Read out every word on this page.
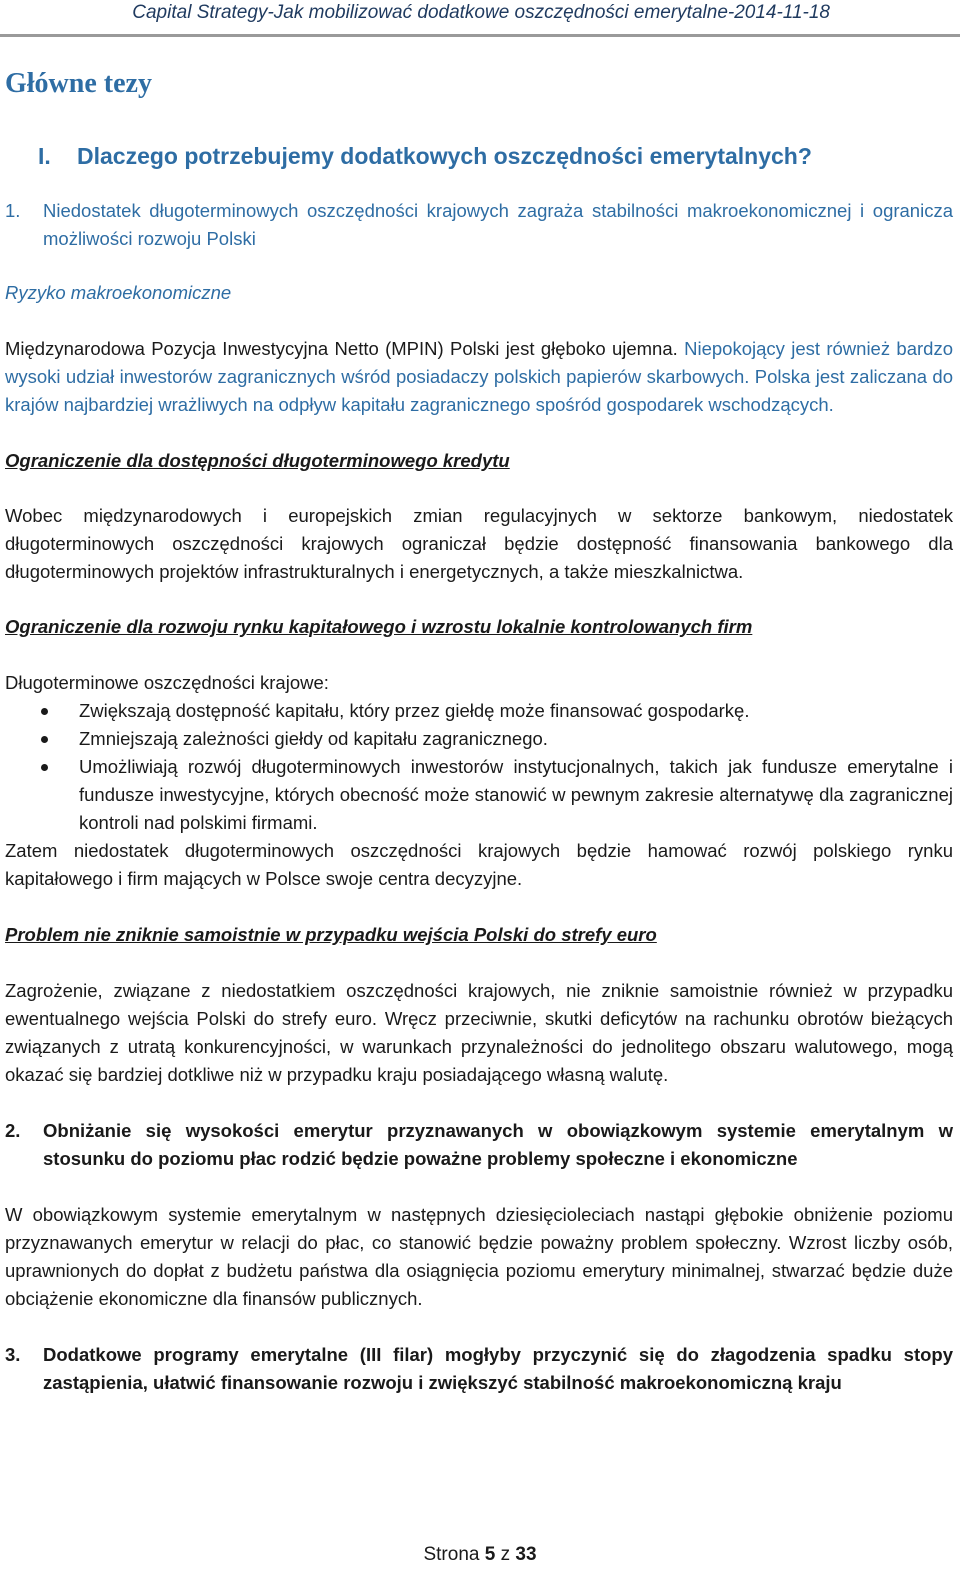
Capital Strategy-Jak mobilizować dodatkowe oszczędności emerytalne-2014-11-18
Główne tezy
I.	Dlaczego potrzebujemy dodatkowych oszczędności emerytalnych?
1.	Niedostatek długoterminowych oszczędności krajowych zagraża stabilności makroekonomicznej i ogranicza możliwości rozwoju Polski

Ryzyko makroekonomiczne

Międzynarodowa Pozycja Inwestycyjna Netto (MPIN) Polski jest głęboko ujemna. Niepokojący jest również bardzo wysoki udział inwestorów zagranicznych wśród posiadaczy polskich papierów skarbowych. Polska jest zaliczana do krajów najbardziej wrażliwych na odpływ kapitału zagranicznego spośród gospodarek wschodzących.

Ograniczenie dla dostępności długoterminowego kredytu

Wobec międzynarodowych i europejskich zmian regulacyjnych w sektorze bankowym, niedostatek długoterminowych oszczędności krajowych ograniczał będzie dostępność finansowania bankowego dla długoterminowych projektów infrastrukturalnych i energetycznych, a także mieszkalnictwa.

Ograniczenie dla rozwoju rynku kapitałowego i wzrostu lokalnie kontrolowanych firm

Długoterminowe oszczędności krajowe:

Zwiększają dostępność kapitału, który przez giełdę może finansować gospodarkę.
Zmniejszają zależności giełdy od kapitału zagranicznego.
Umożliwiają rozwój długoterminowych inwestorów instytucjonalnych, takich jak fundusze emerytalne i fundusze inwestycyjne, których obecność może stanowić w pewnym zakresie alternatywę dla zagranicznej kontroli nad polskimi firmami.

Zatem niedostatek długoterminowych oszczędności krajowych będzie hamować rozwój polskiego rynku kapitałowego i firm mających w Polsce swoje centra decyzyjne.

Problem nie zniknie samoistnie w przypadku wejścia Polski do strefy euro

Zagrożenie, związane z niedostatkiem oszczędności krajowych, nie zniknie samoistnie również w przypadku ewentualnego wejścia Polski do strefy euro. Wręcz przeciwnie, skutki deficytów na rachunku obrotów bieżących związanych z utratą konkurencyjności, w warunkach przynależności do jednolitego obszaru walutowego, mogą okazać się bardziej dotkliwe niż w przypadku kraju posiadającego własną walutę.

2.	Obniżanie się wysokości emerytur przyznawanych w obowiązkowym systemie emerytalnym w stosunku do poziomu płac rodzić będzie poważne problemy społeczne i ekonomiczne

W obowiązkowym systemie emerytalnym w następnych dziesięcioleciach nastąpi głębokie obniżenie poziomu przyznawanych emerytur w relacji do płac, co stanowić będzie poważny problem społeczny. Wzrost liczby osób, uprawnionych do dopłat z budżetu państwa dla osiągnięcia poziomu emerytury minimalnej, stwarzać będzie duże obciążenie ekonomiczne dla finansów publicznych.

3.	Dodatkowe programy emerytalne (III filar) mogłyby przyczynić się do złagodzenia spadku stopy zastąpienia, ułatwić finansowanie rozwoju i zwiększyć stabilność makroekonomiczną kraju
Strona 5 z 33
